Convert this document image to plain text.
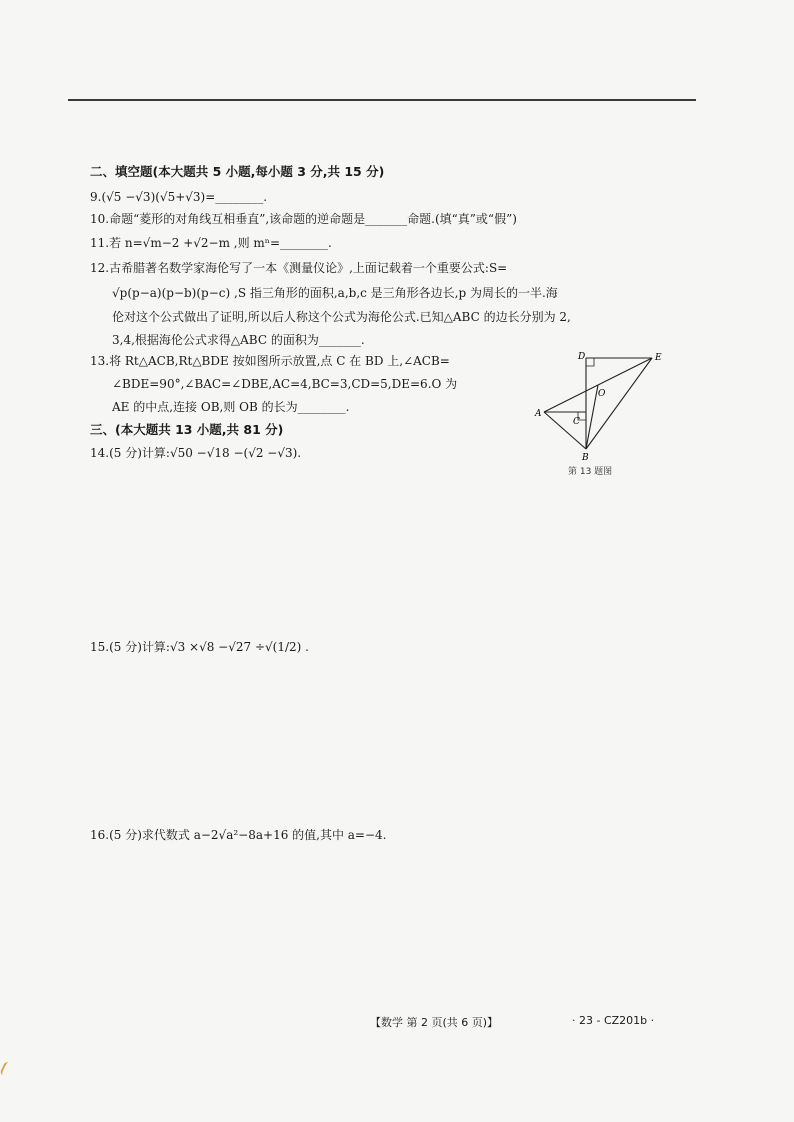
二、填空题(本大题共 5 小题,每小题 3 分,共 15 分)

9.(√5 −√3)(√5+√3)=________.

10.命题“菱形的对角线互相垂直”,该命题的逆命题是_______命题.(填“真”或“假”)

11.若 n=√m−2 +√2−m ,则 mⁿ=________.

12.古希腊著名数学家海伦写了一本《测量仪论》,上面记载着一个重要公式:S=

√p(p−a)(p−b)(p−c) ,S 指三角形的面积,a,b,c 是三角形各边长,p 为周长的一半.海

伦对这个公式做出了证明,所以后人称这个公式为海伦公式.已知△ABC 的边长分别为 2,

3,4,根据海伦公式求得△ABC 的面积为_______.

13.将 Rt△ACB,Rt△BDE 按如图所示放置,点 C 在 BD 上,∠ACB=

∠BDE=90°,∠BAC=∠DBE,AC=4,BC=3,CD=5,DE=6.O 为

AE 的中点,连接 OB,则 OB 的长为________.

三、(本大题共 13 小题,共 81 分)

14.(5 分)计算:√50 −√18 −(√2 −√3).

D	E
O
A
C
B
第 13 题图

15.(5 分)计算:√3 ×√8 −√27 ÷√(1/2) .

16.(5 分)求代数式 a−2√a²−8a+16 的值,其中 a=−4.

【数学 第 2 页(共 6 页)】	· 23 - CZ201b ·
